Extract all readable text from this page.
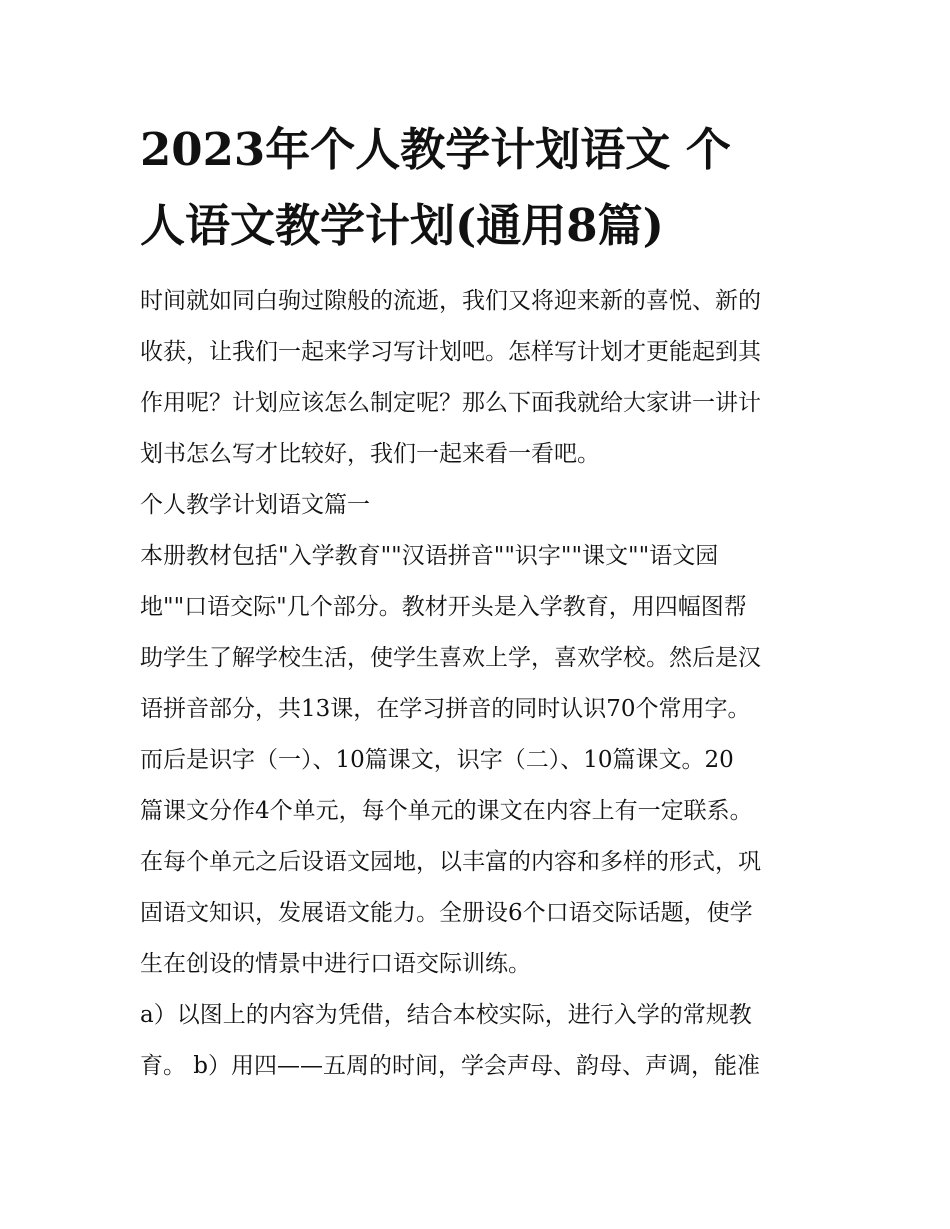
2023年个人教学计划语文 个
人语文教学计划(通用8篇)
时间就如同白驹过隙般的流逝，我们又将迎来新的喜悦、新的
收获，让我们一起来学习写计划吧。怎样写计划才更能起到其
作用呢？计划应该怎么制定呢？那么下面我就给大家讲一讲计
划书怎么写才比较好，我们一起来看一看吧。
个人教学计划语文篇一
本册教材包括"入学教育""汉语拼音""识字""课文""语文园
地""口语交际"几个部分。教材开头是入学教育，用四幅图帮
助学生了解学校生活，使学生喜欢上学，喜欢学校。然后是汉
语拼音部分，共13课，在学习拼音的同时认识70个常用字。
而后是识字（一）、10篇课文，识字（二）、10篇课文。20
篇课文分作4个单元，每个单元的课文在内容上有一定联系。
在每个单元之后设语文园地，以丰富的内容和多样的形式，巩
固语文知识，发展语文能力。全册设6个口语交际话题，使学
生在创设的情景中进行口语交际训练。
a）以图上的内容为凭借，结合本校实际，进行入学的常规教
育。 b）用四——五周的时间，学会声母、韵母、声调，能准
